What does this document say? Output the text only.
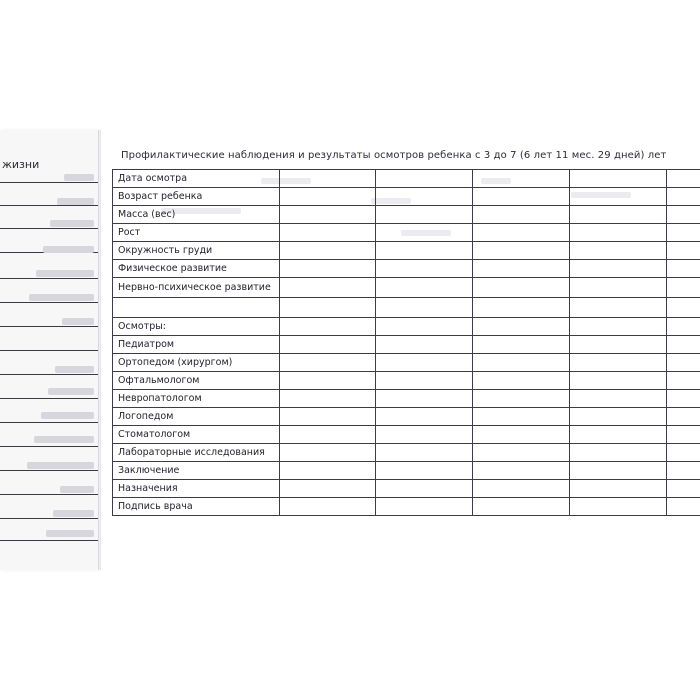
жизни
Профилактические наблюдения и результаты осмотров ребенка с 3 до 7 (6 лет 11 мес. 29 дней) лет
Дата осмотра					
Возраст ребенка					
Масса (вес)					
Рост					
Окружность груди					
Физическое развитие					
Нервно-психическое развитие					

Осмотры:					
Педиатром					
Ортопедом (хирургом)					
Офтальмологом					
Невропатологом					
Логопедом					
Стоматологом					
Лабораторные исследования					
Заключение					
Назначения					
Подпись врача					
